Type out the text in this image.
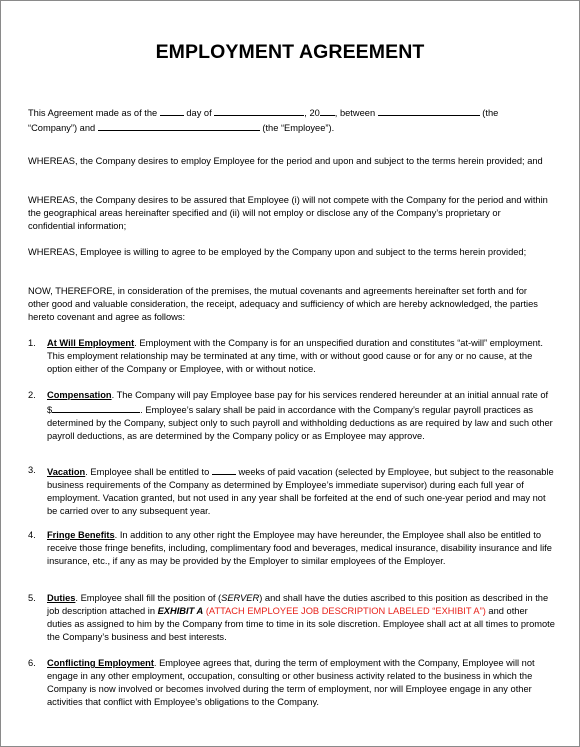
EMPLOYMENT AGREEMENT
This Agreement made as of the	day of	, 20 , between	(the
“Company”) and	(the “Employee”).
WHEREAS, the Company desires to employ Employee for the period and upon and subject to the terms herein provided; and
WHEREAS, the Company desires to be assured that Employee (i) will not compete with the Company for the period and within the geographical areas hereinafter specified and (ii) will not employ or disclose any of the Company’s proprietary or confidential information;
WHEREAS, Employee is willing to agree to be employed by the Company upon and subject to the terms herein provided;
NOW, THEREFORE, in consideration of the premises, the mutual covenants and agreements hereinafter set forth and for other good and valuable consideration, the receipt, adequacy and sufficiency of which are hereby acknowledged, the parties hereto covenant and agree as follows:
1.	At Will Employment. Employment with the Company is for an unspecified duration and constitutes “at-will” employment. This employment relationship may be terminated at any time, with or without good cause or for any or no cause, at the option either of the Company or Employee, with or without notice.
2.	Compensation. The Company will pay Employee base pay for his services rendered hereunder at an initial annual rate of $	. Employee’s salary shall be paid in accordance with the Company’s regular payroll practices as determined by the Company, subject only to such payroll and withholding deductions as are required by law and such other payroll deductions, as are determined by the Company policy or as Employee may approve.
3.	Vacation. Employee shall be entitled to	weeks of paid vacation (selected by Employee, but subject to the reasonable business requirements of the Company as determined by Employee’s immediate supervisor) during each full year of employment. Vacation granted, but not used in any year shall be forfeited at the end of such one-year period and may not be carried over to any subsequent year.
4.	Fringe Benefits. In addition to any other right the Employee may have hereunder, the Employee shall also be entitled to receive those fringe benefits, including, complimentary food and beverages, medical insurance, disability insurance and life insurance, etc., if any as may be provided by the Employer to similar employees of the Employer.
5.	Duties. Employee shall fill the position of (SERVER) and shall have the duties ascribed to this position as described in the job description attached in EXHIBIT A (ATTACH EMPLOYEE JOB DESCRIPTION LABELED “EXHIBIT A”) and other duties as assigned to him by the Company from time to time in its sole discretion. Employee shall act at all times to promote the Company’s business and best interests.
6.	Conflicting Employment. Employee agrees that, during the term of employment with the Company, Employee will not engage in any other employment, occupation, consulting or other business activity related to the business in which the Company is now involved or becomes involved during the term of employment, nor will Employee engage in any other activities that conflict with Employee’s obligations to the Company.
